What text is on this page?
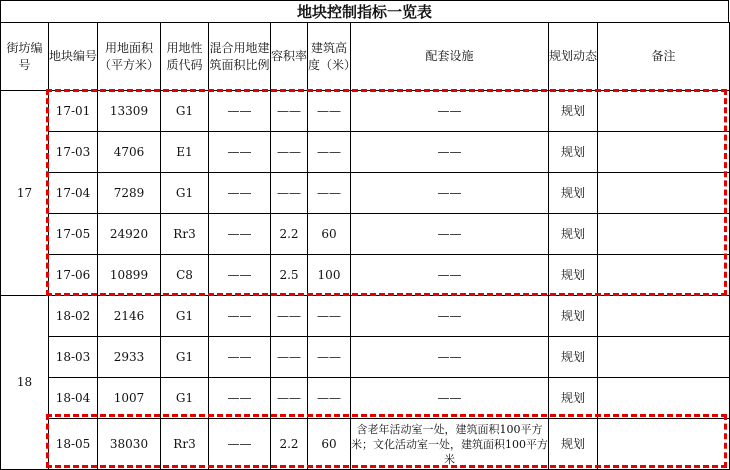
地块控制指标一览表
街坊编号	地块编号	用地面积（平方米）	用地性质代码	混合用地建筑面积比例	容积率	建筑高度（米）	配套设施	规划动态	备注
17	17-01	13309	G1	——	——	——	——	规划	
	17-03	4706	E1	——	——	——	——	规划	
	17-04	7289	G1	——	——	——	——	规划	
	17-05	24920	Rr3	——	2.2	60	——	规划	
	17-06	10899	C8	——	2.5	100	——	规划	
18	18-02	2146	G1	——	——	——	——	规划	
	18-03	2933	G1	——	——	——	——	规划	
	18-04	1007	G1	——	——	——	——	规划	
	18-05	38030	Rr3	——	2.2	60	含老年活动室一处，建筑面积100平方米；文化活动室一处，建筑面积100平方米	规划	
